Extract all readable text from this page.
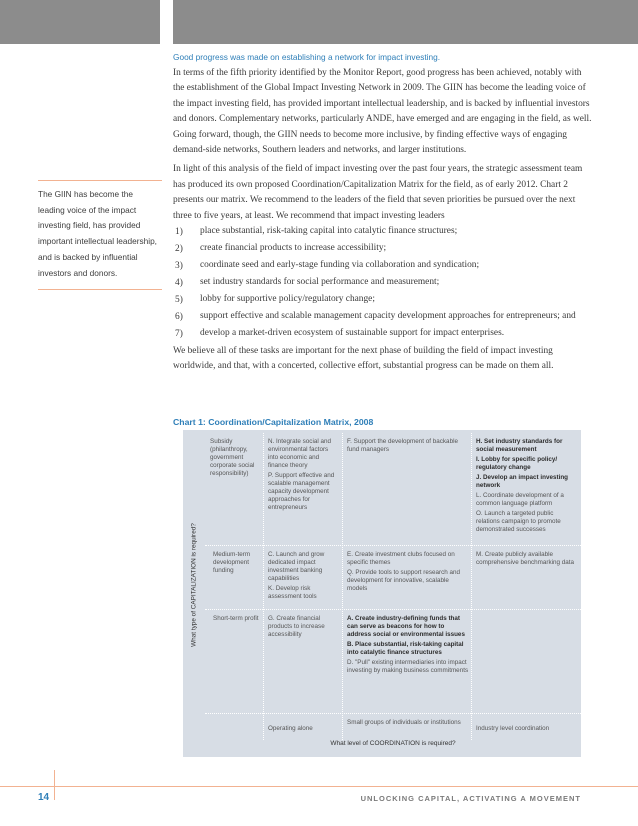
Good progress was made on establishing a network for impact investing.

In terms of the fifth priority identified by the Monitor Report, good progress has been achieved, notably with the establishment of the Global Impact Investing Network in 2009. The GIIN has become the leading voice of the impact investing field, has provided important intellectual leadership, and is backed by influential investors and donors. Complementary networks, particularly ANDE, have emerged and are engaging in the field, as well. Going forward, though, the GIIN needs to become more inclusive, by finding effective ways of engaging demand-side networks, Southern leaders and networks, and larger institutions.

In light of this analysis of the field of impact investing over the past four years, the strategic assessment team has produced its own proposed Coordination/Capitalization Matrix for the field, as of early 2012. Chart 2 presents our matrix. We recommend to the leaders of the field that seven priorities be pursued over the next three to five years, at least. We recommend that impact investing leaders

1) place substantial, risk-taking capital into catalytic finance structures;
2) create financial products to increase accessibility;
3) coordinate seed and early-stage funding via collaboration and syndication;
4) set industry standards for social performance and measurement;
5) lobby for supportive policy/regulatory change;
6) support effective and scalable management capacity development approaches for entrepreneurs; and
7) develop a market-driven ecosystem of sustainable support for impact enterprises.

We believe all of these tasks are important for the next phase of building the field of impact investing worldwide, and that, with a concerted, collective effort, substantial progress can be made on them all.

The GIIN has become the leading voice of the impact investing field, has provided important intellectual leadership, and is backed by influential investors and donors.
Chart 1: Coordination/Capitalization Matrix, 2008
What type of CAPITALIZATION is required?
Subsidy (philanthropy, government corporate social responsibility)
N. Integrate social and environmental factors into economic and finance theory
P. Support effective and scalable management capacity development approaches for entrepreneurs
F. Support the development of backable fund managers
H. Set industry standards for social measurement
I. Lobby for specific policy/ regulatory change
J. Develop an impact investing network
L. Coordinate development of a common language platform
O. Launch a targeted public relations campaign to promote demonstrated successes
Medium-term development funding
C. Launch and grow dedicated impact investment banking capabilities
K. Develop risk assessment tools
E. Create investment clubs focused on specific themes
Q. Provide tools to support research and development for innovative, scalable models
M. Create publicly available comprehensive benchmarking data
Short-term profit	G. Create financial products to increase accessibility
A. Create industry-defining funds that can serve as beacons for how to address social or environmental issues
B. Place substantial, risk-taking capital into catalytic finance structures
D. "Pull" existing intermediaries into impact investing by making business commitments
Operating alone
Small groups of individuals or institutions
Industry level coordination
What level of COORDINATION is required?
14	UNLOCKING CAPITAL, ACTIVATING A MOVEMENT
